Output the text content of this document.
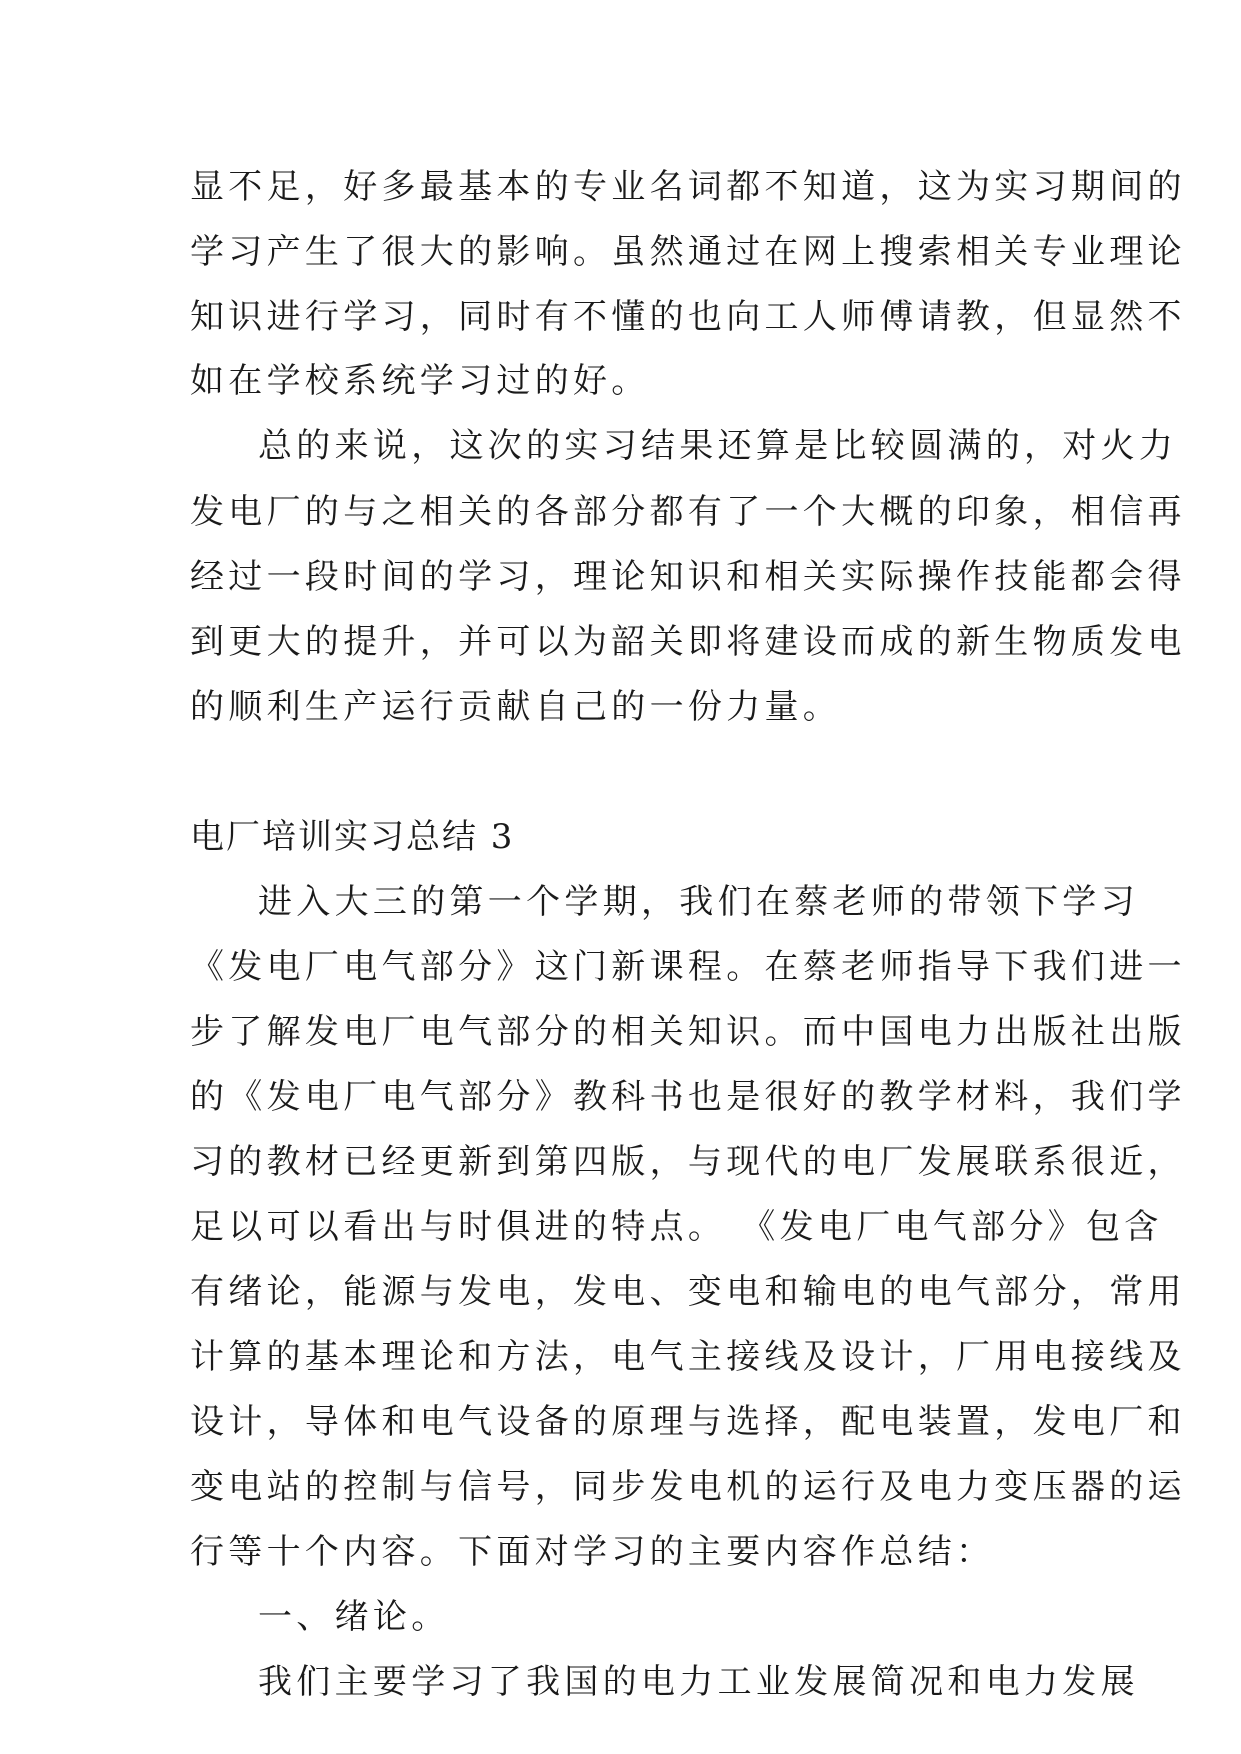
显不足，好多最基本的专业名词都不知道，这为实习期间的
学习产生了很大的影响。虽然通过在网上搜索相关专业理论
知识进行学习，同时有不懂的也向工人师傅请教，但显然不
如在学校系统学习过的好。
总的来说，这次的实习结果还算是比较圆满的，对火力
发电厂的与之相关的各部分都有了一个大概的印象，相信再
经过一段时间的学习，理论知识和相关实际操作技能都会得
到更大的提升，并可以为韶关即将建设而成的新生物质发电
的顺利生产运行贡献自己的一份力量。
电厂培训实习总结 3
进入大三的第一个学期，我们在蔡老师的带领下学习
《发电厂电气部分》这门新课程。在蔡老师指导下我们进一
步了解发电厂电气部分的相关知识。而中国电力出版社出版
的《发电厂电气部分》教科书也是很好的教学材料，我们学
习的教材已经更新到第四版，与现代的电厂发展联系很近，
足以可以看出与时俱进的特点。 《发电厂电气部分》包含
有绪论，能源与发电，发电、变电和输电的电气部分，常用
计算的基本理论和方法，电气主接线及设计，厂用电接线及
设计，导体和电气设备的原理与选择，配电装置，发电厂和
变电站的控制与信号，同步发电机的运行及电力变压器的运
行等十个内容。下面对学习的主要内容作总结：
一、绪论。
我们主要学习了我国的电力工业发展简况和电力发展
